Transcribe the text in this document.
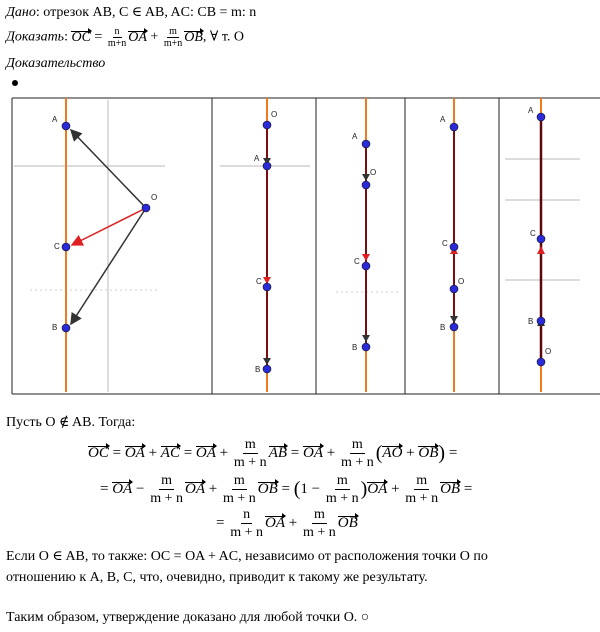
Дано: отрезок AB, C ∈ AB, AC: CB = m: n
Доказать: OC = $\frac{n}{m+n}$ OA + $\frac{m}{m+n}$ OB, ∀ т. O
Доказательство
A
C
B
O
O
A
C
B
A
O
C
B
A
C
O
B
A
C
B
O
Пусть O ∉ AB. Тогда:
OC = OA + AC = OA + $\frac{m}{m + n}$ AB = OA + $\frac{m}{m + n} (AO + OB)$ =
= OA − $\frac{m}{m + n}$ OA + $\frac{m}{m + n}$ OB = $(1 - \frac{m}{m + n} )OA + \frac{m}{m + n}$ OB =
= $\frac{n}{m + n}$ OA + $\frac{m}{m + n}$ OB
Если O ∈ AB, то также: OC = OA + AC, независимо от расположения точки O по
отношению к A, B, C, что, очевидно, приводит к такому же результату.
Таким образом, утверждение доказано для любой точки O. ○
